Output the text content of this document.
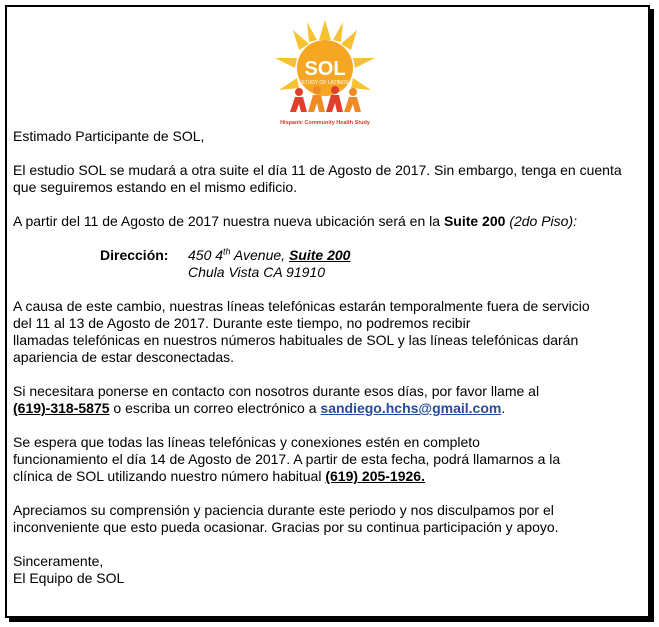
SOL
STUDY OF LATINOS
Hispanic Community Health Study

Estimado Participante de SOL,

El estudio SOL se mudará a otra suite el día 11 de Agosto de 2017. Sin embargo, tenga en cuenta que seguiremos estando en el mismo edificio.

A partir del 11 de Agosto de 2017 nuestra nueva ubicación será en la Suite 200 (2do Piso):

Dirección:	450 4th Avenue, Suite 200
Chula Vista CA 91910

A causa de este cambio, nuestras líneas telefónicas estarán temporalmente fuera de servicio
del 11 al 13 de Agosto de 2017. Durante este tiempo, no podremos recibir
llamadas telefónicas en nuestros números habituales de SOL y las líneas telefónicas darán
apariencia de estar desconectadas.

Si necesitara ponerse en contacto con nosotros durante esos días, por favor llame al
(619)-318-5875 o escriba un correo electrónico a sandiego.hchs@gmail.com.

Se espera que todas las líneas telefónicas y conexiones estén en completo
funcionamiento el día 14 de Agosto de 2017. A partir de esta fecha, podrá llamarnos a la
clínica de SOL utilizando nuestro número habitual (619) 205-1926.

Apreciamos su comprensión y paciencia durante este periodo y nos disculpamos por el inconveniente que esto pueda ocasionar. Gracias por su continua participación y apoyo.

Sinceramente,
El Equipo de SOL
